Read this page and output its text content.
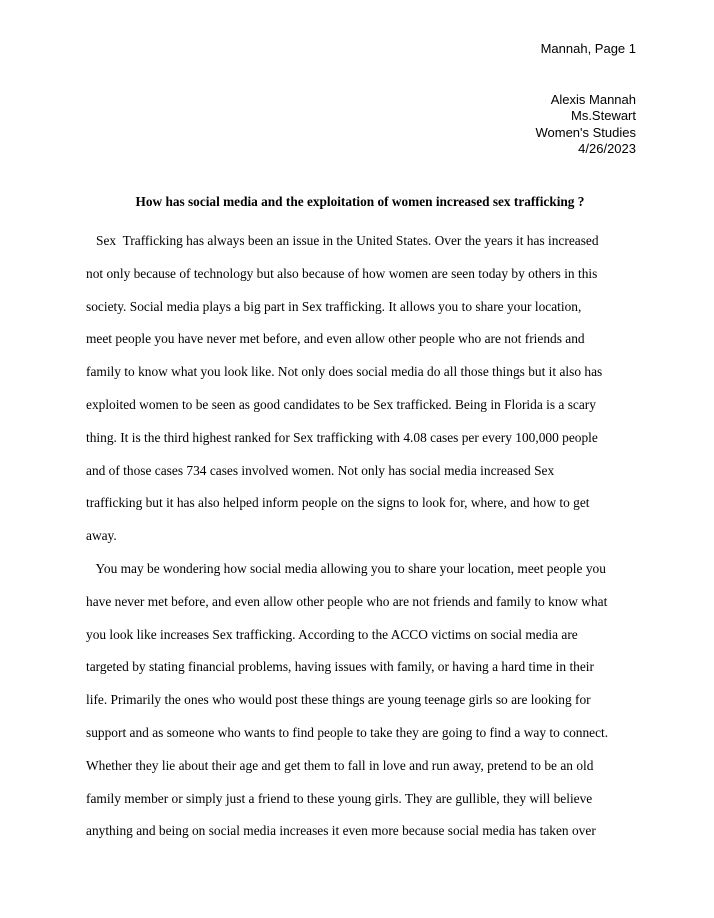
Mannah, Page 1
Alexis Mannah
Ms.Stewart
Women's Studies
4/26/2023
How has social media and the exploitation of women increased sex trafficking ?
Sex  Trafficking has always been an issue in the United States. Over the years it has increased
not only because of technology but also because of how women are seen today by others in this
society. Social media plays a big part in Sex trafficking. It allows you to share your location,
meet people you have never met before, and even allow other people who are not friends and
family to know what you look like. Not only does social media do all those things but it also has
exploited women to be seen as good candidates to be Sex trafficked. Being in Florida is a scary
thing. It is the third highest ranked for Sex trafficking with 4.08 cases per every 100,000 people
and of those cases 734 cases involved women. Not only has social media increased Sex
trafficking but it has also helped inform people on the signs to look for, where, and how to get
away.
You may be wondering how social media allowing you to share your location, meet people you
have never met before, and even allow other people who are not friends and family to know what
you look like increases Sex trafficking. According to the ACCO victims on social media are
targeted by stating financial problems, having issues with family, or having a hard time in their
life. Primarily the ones who would post these things are young teenage girls so are looking for
support and as someone who wants to find people to take they are going to find a way to connect.
Whether they lie about their age and get them to fall in love and run away, pretend to be an old
family member or simply just a friend to these young girls. They are gullible, they will believe
anything and being on social media increases it even more because social media has taken over
